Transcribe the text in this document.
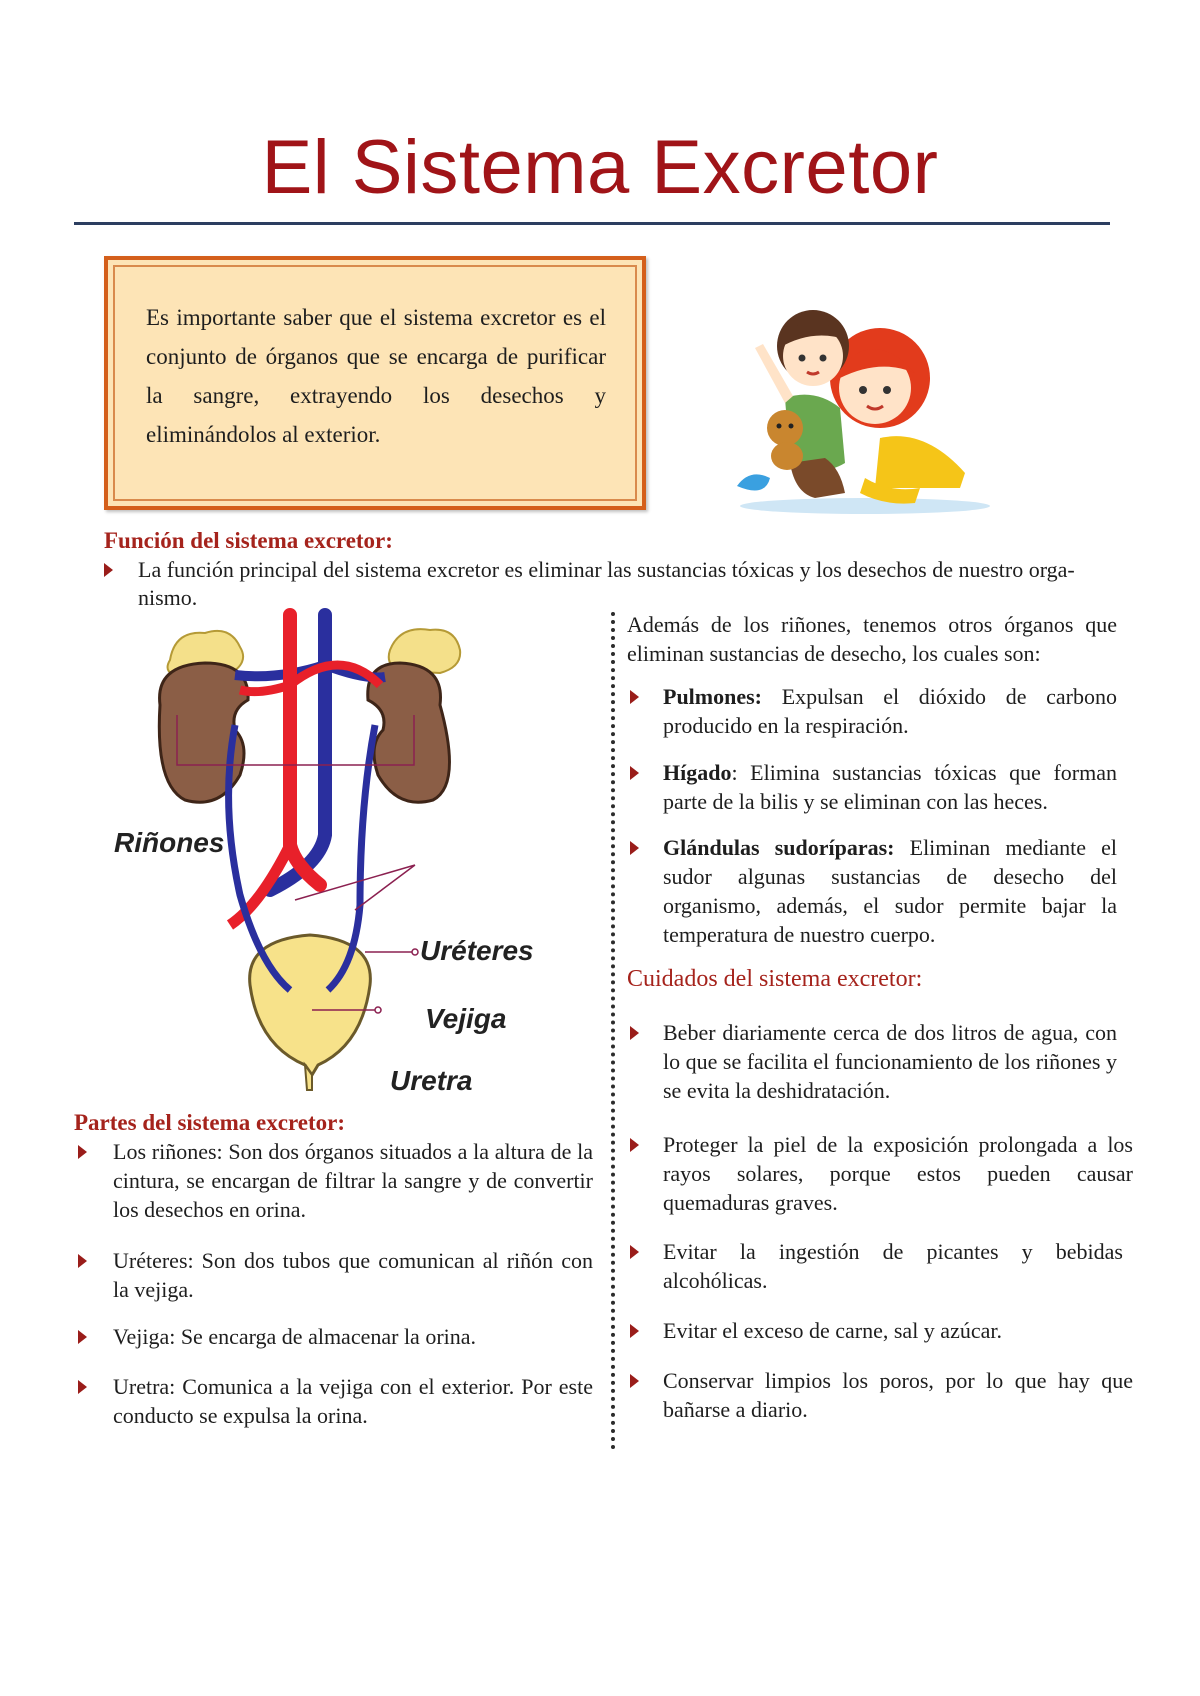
El Sistema Excretor
Es importante saber que el sistema excretor es el conjunto de órganos que se encarga de purificar la sangre, extrayendo los desechos y eliminándolos al exterior.
Función del sistema excretor:
La función principal del sistema excretor es eliminar las sustancias tóxicas y los desechos de nuestro orga-
nismo.
Riñones
Uréteres
Vejiga
Uretra
Partes del sistema excretor:
Los riñones: Son dos órganos situados a la altura de la cintura, se encargan de filtrar la sangre y de convertir los desechos en orina.
Uréteres: Son dos tubos que comunican al riñón con la vejiga.
Vejiga: Se encarga de almacenar la orina.
Uretra: Comunica a la vejiga con el exterior. Por este conducto se expulsa la orina.
Además de los riñones, tenemos otros órganos que eliminan sustancias de desecho, los cuales son:
Pulmones: Expulsan el dióxido de carbono producido en la respiración.
Hígado: Elimina sustancias tóxicas que forman parte de la bilis y se eliminan con las heces.
Glándulas sudoríparas: Eliminan mediante el sudor algunas sustancias de desecho del organismo, además, el sudor permite bajar la temperatura de nuestro cuerpo.
Cuidados del sistema excretor:
Beber diariamente cerca de dos litros de agua, con lo que se facilita el funcionamiento de los riñones y se evita la deshidratación.
Proteger la piel de la exposición prolongada a los rayos solares, porque estos pueden causar quemaduras graves.
Evitar la ingestión de picantes y bebidas alcohólicas.
Evitar el exceso de carne, sal y azúcar.
Conservar limpios los poros, por lo que hay que bañarse a diario.
